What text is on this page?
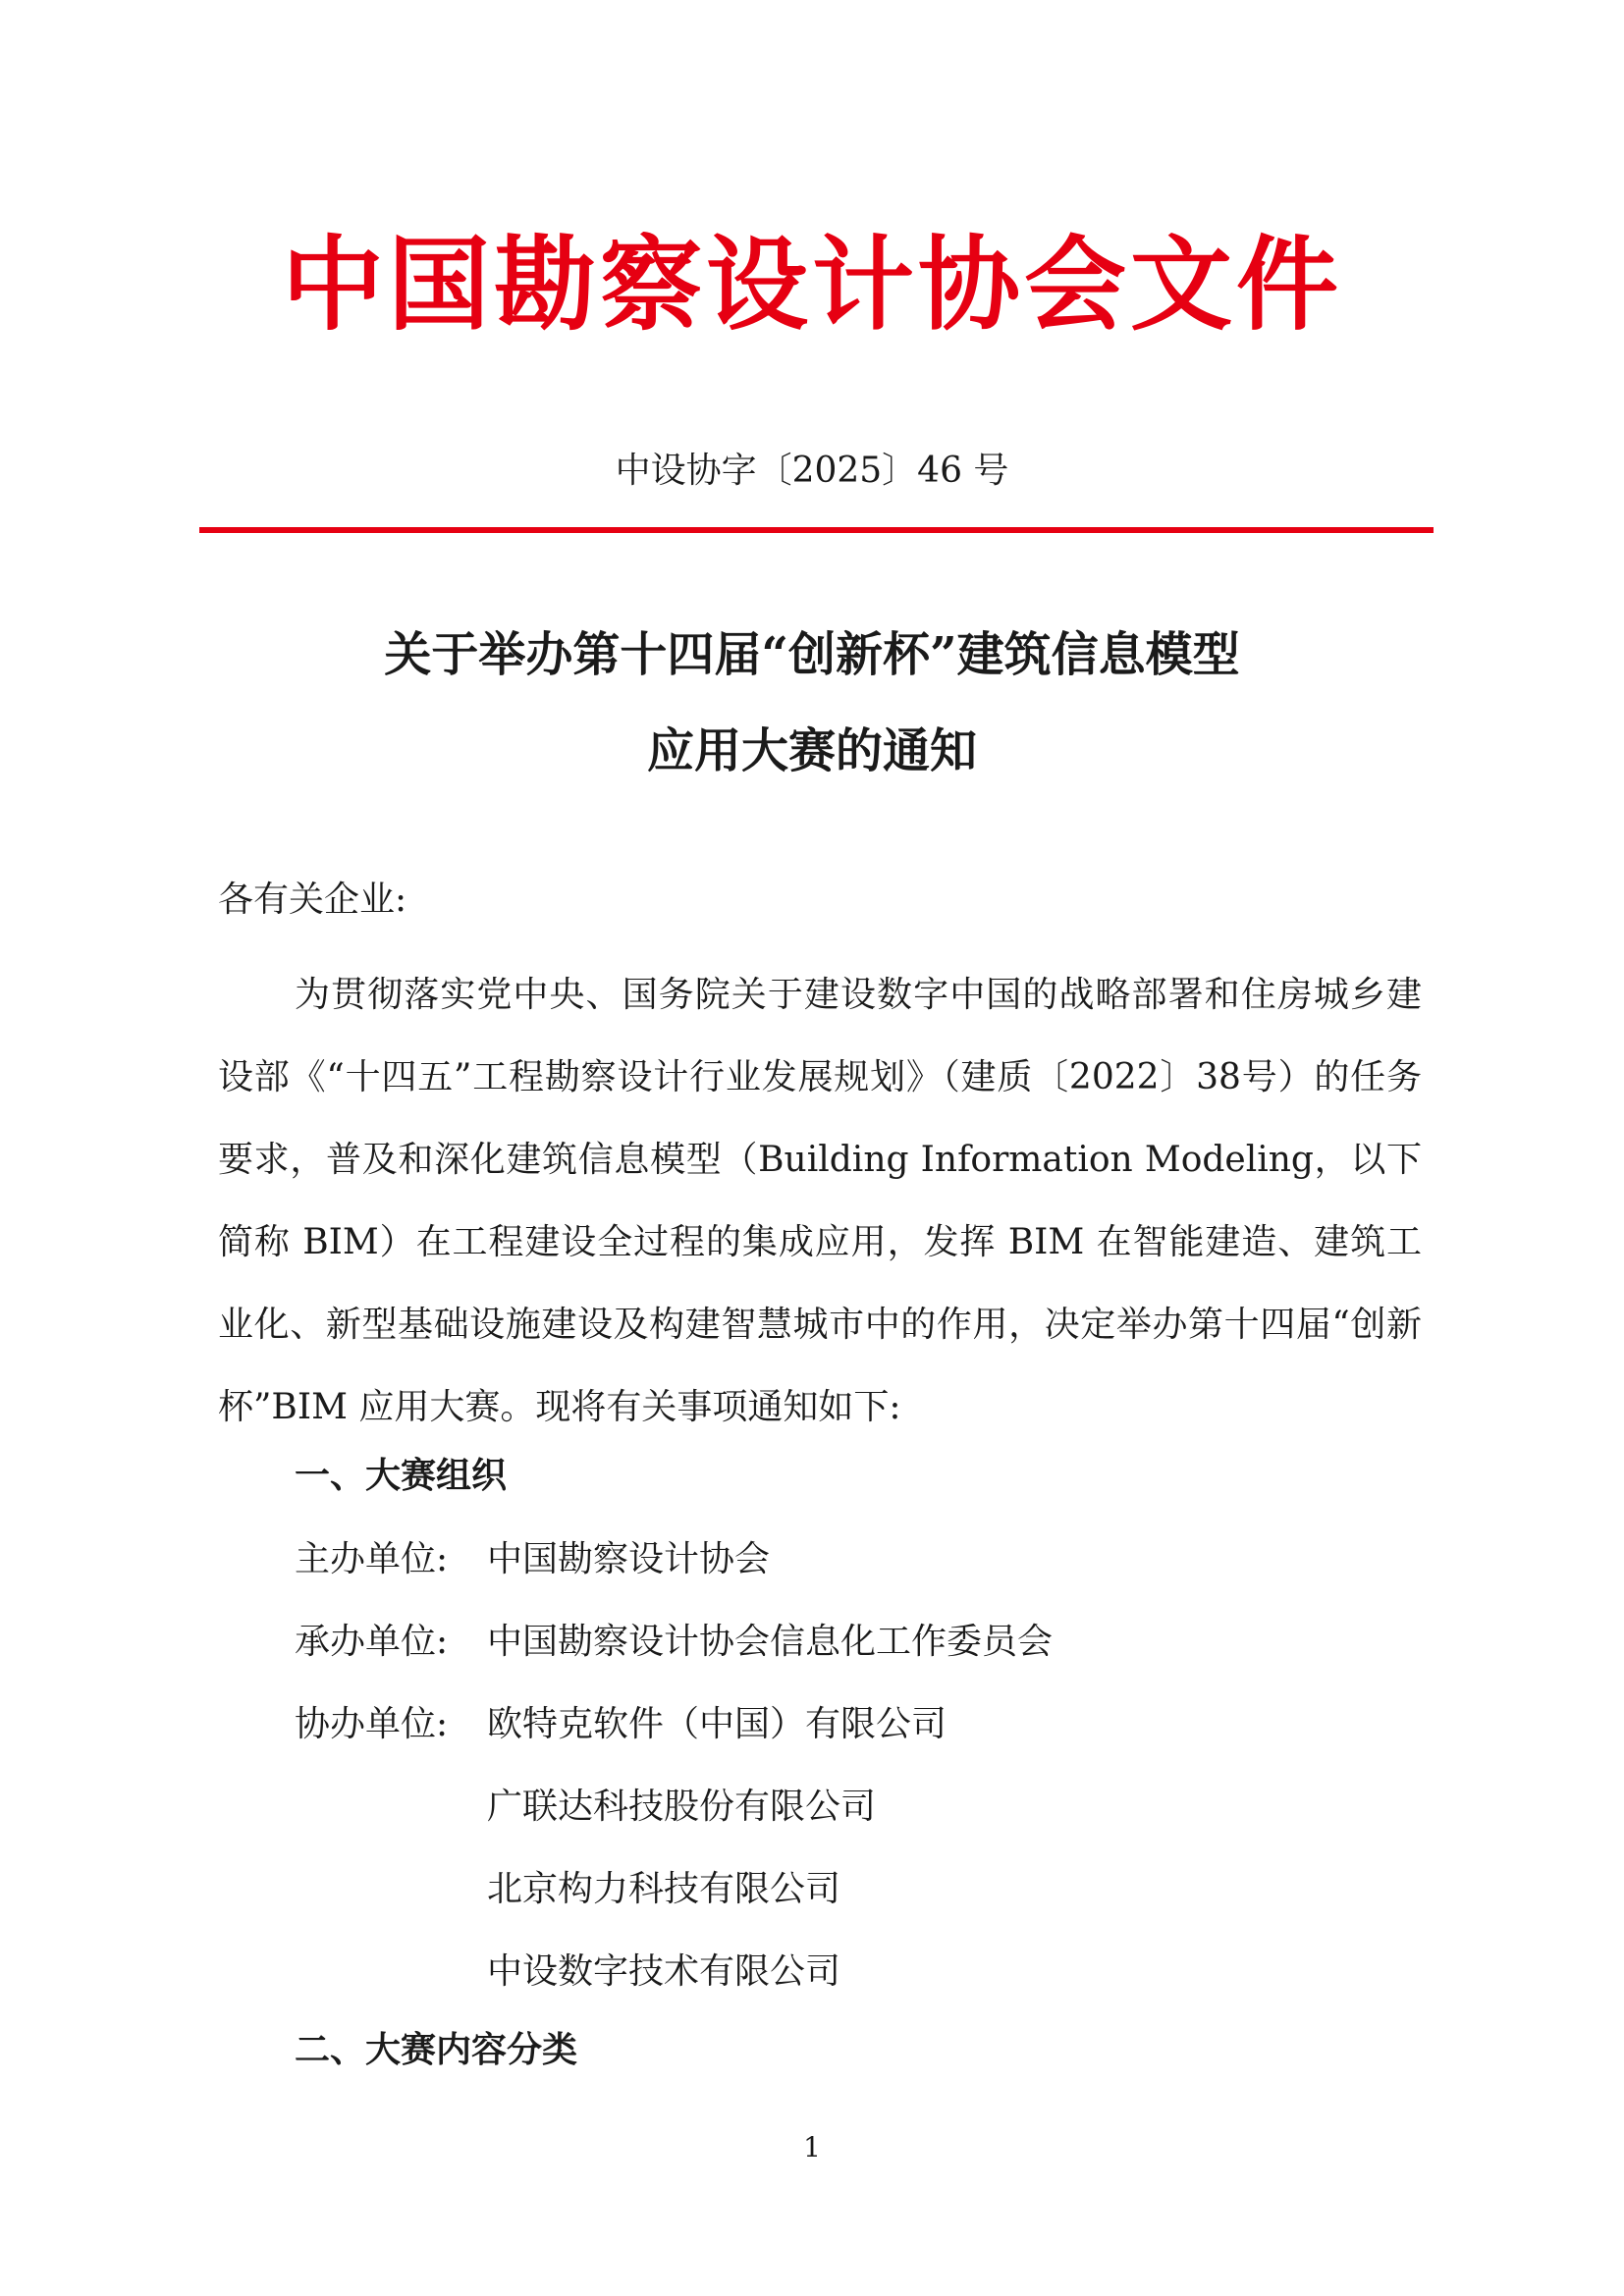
中国勘察设计协会文件
中设协字〔2025〕46 号
关于举办第十四届“创新杯”建筑信息模型
应用大赛的通知
各有关企业:
为贯彻落实党中央、国务院关于建设数字中国的战略部署和住房城乡建设部《“十四五”工程勘察设计行业发展规划》（建质〔2022〕38号）的任务要求，普及和深化建筑信息模型（Building Information Modeling，以下简称 BIM）在工程建设全过程的集成应用，发挥 BIM 在智能建造、建筑工业化、新型基础设施建设及构建智慧城市中的作用，决定举办第十四届“创新杯”BIM 应用大赛。现将有关事项通知如下:
一、大赛组织
主办单位: 中国勘察设计协会
承办单位: 中国勘察设计协会信息化工作委员会
协办单位: 欧特克软件（中国）有限公司
广联达科技股份有限公司
北京构力科技有限公司
中设数字技术有限公司
二、大赛内容分类
1
